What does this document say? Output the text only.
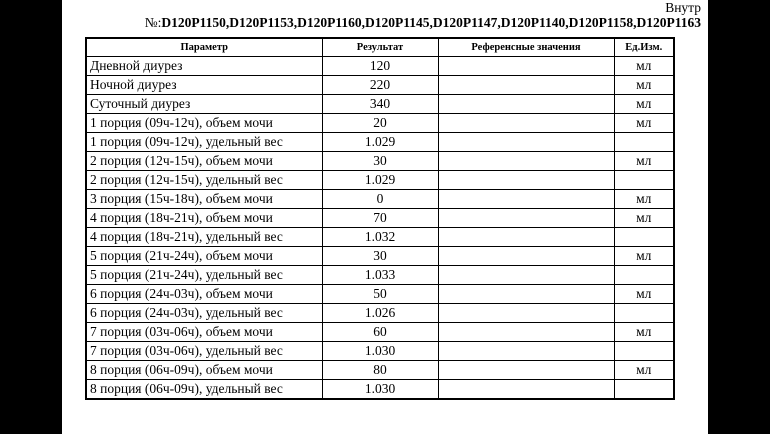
Внутр
№:D120P1150,D120P1153,D120P1160,D120P1145,D120P1147,D120P1140,D120P1158,D120P1163
Параметр	Результат	Референсные значения	Ед.Изм.
Дневной диурез	120		мл
Ночной диурез	220		мл
Суточный диурез	340		мл
1 порция (09ч-12ч), объем мочи	20		мл
1 порция (09ч-12ч), удельный вес	1.029		
2 порция (12ч-15ч), объем мочи	30		мл
2 порция (12ч-15ч), удельный вес	1.029		
3 порция (15ч-18ч), объем мочи	0		мл
4 порция (18ч-21ч), объем мочи	70		мл
4 порция (18ч-21ч), удельный вес	1.032		
5 порция (21ч-24ч), объем мочи	30		мл
5 порция (21ч-24ч), удельный вес	1.033		
6 порция (24ч-03ч), объем мочи	50		мл
6 порция (24ч-03ч), удельный вес	1.026		
7 порция (03ч-06ч), объем мочи	60		мл
7 порция (03ч-06ч), удельный вес	1.030		
8 порция (06ч-09ч), объем мочи	80		мл
8 порция (06ч-09ч), удельный вес	1.030		
